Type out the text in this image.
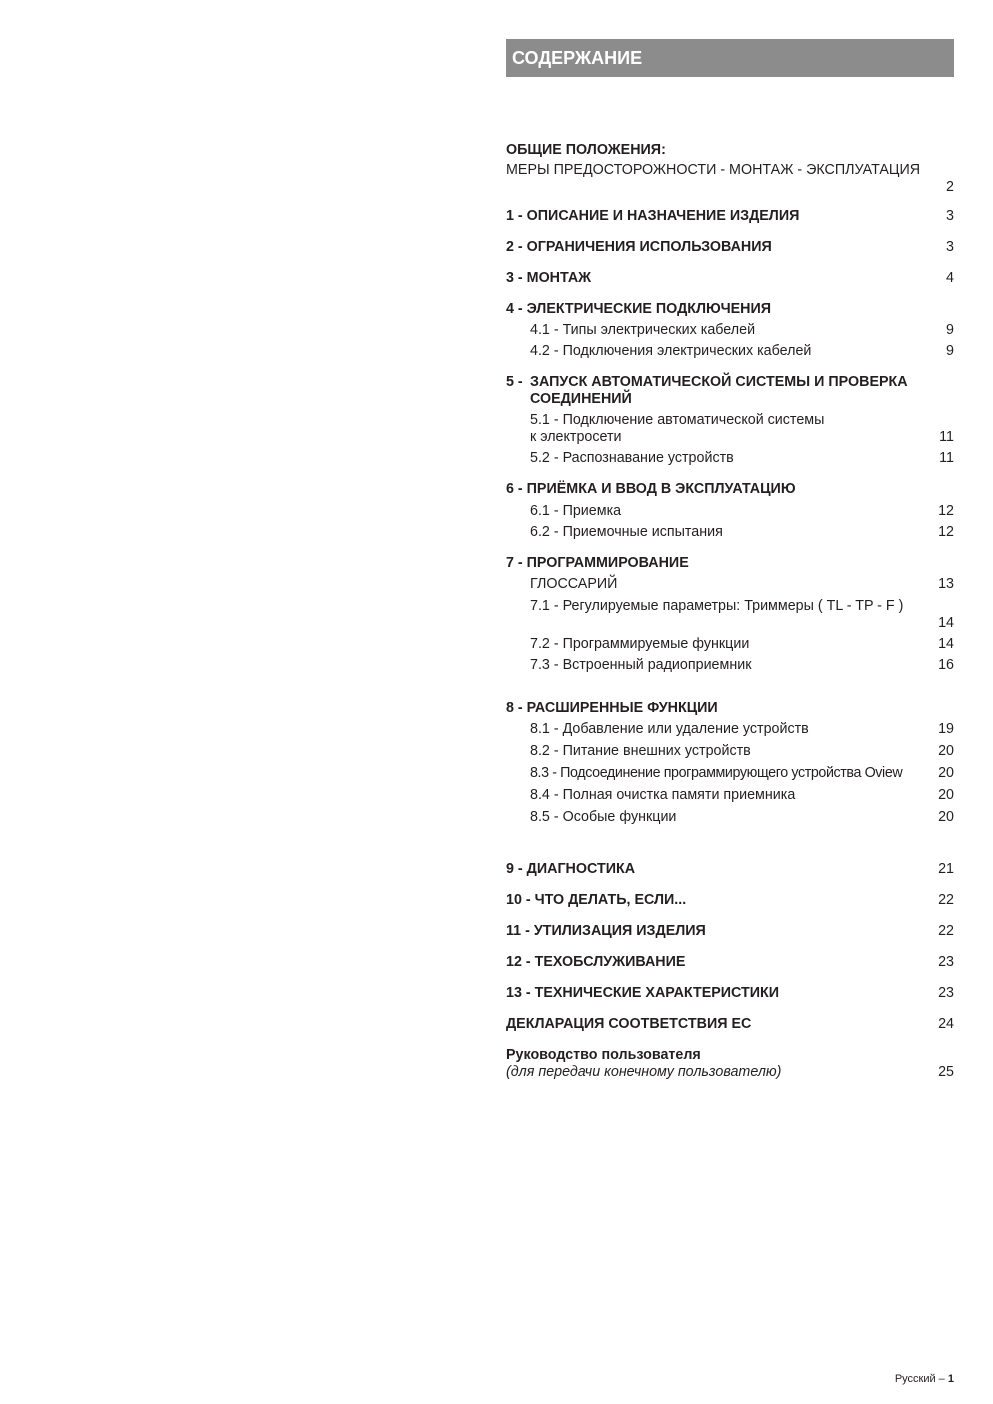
СОДЕРЖАНИЕ
ОБЩИЕ ПОЛОЖЕНИЯ:
МЕРЫ ПРЕДОСТОРОЖНОСТИ - МОНТАЖ - ЭКСПЛУАТАЦИЯ
2
1 - ОПИСАНИЕ И НАЗНАЧЕНИЕ ИЗДЕЛИЯ	3
2 - ОГРАНИЧЕНИЯ ИСПОЛЬЗОВАНИЯ	3
3 - МОНТАЖ	4
4 - ЭЛЕКТРИЧЕСКИЕ ПОДКЛЮЧЕНИЯ
4.1 - Типы электрических кабелей	9
4.2 - Подключения электрических кабелей	9
5 - ЗАПУСК АВТОМАТИЧЕСКОЙ СИСТЕМЫ И ПРОВЕРКА
СОЕДИНЕНИЙ
5.1 - Подключение автоматической системы
к электросети	11
5.2 - Распознавание устройств	11
6 - ПРИЁМКА И ВВОД В ЭКСПЛУАТАЦИЮ
6.1 - Приемка	12
6.2 - Приемочные испытания	12
7 - ПРОГРАММИРОВАНИЕ
ГЛОССАРИЙ	13
7.1 - Регулируемые параметры: Триммеры ( TL - TP - F )
14
7.2 - Программируемые функции	14
7.3 - Встроенный радиоприемник	16
8 - РАСШИРЕННЫЕ ФУНКЦИИ
8.1 - Добавление или удаление устройств	19
8.2 - Питание внешних устройств	20
8.3 - Подсоединение программирующего устройства Oview	20
8.4 - Полная очистка памяти приемника	20
8.5 - Особые функции	20
9 - ДИАГНОСТИКА	21
10 - ЧТО ДЕЛАТЬ, ЕСЛИ...	22
11 - УТИЛИЗАЦИЯ ИЗДЕЛИЯ	22
12 - ТЕХОБСЛУЖИВАНИЕ	23
13 - ТЕХНИЧЕСКИЕ ХАРАКТЕРИСТИКИ	23
ДЕКЛАРАЦИЯ СООТВЕТСТВИЯ ЕС	24
Руководство пользователя
(для передачи конечному пользователю)	25
Русский – 1
